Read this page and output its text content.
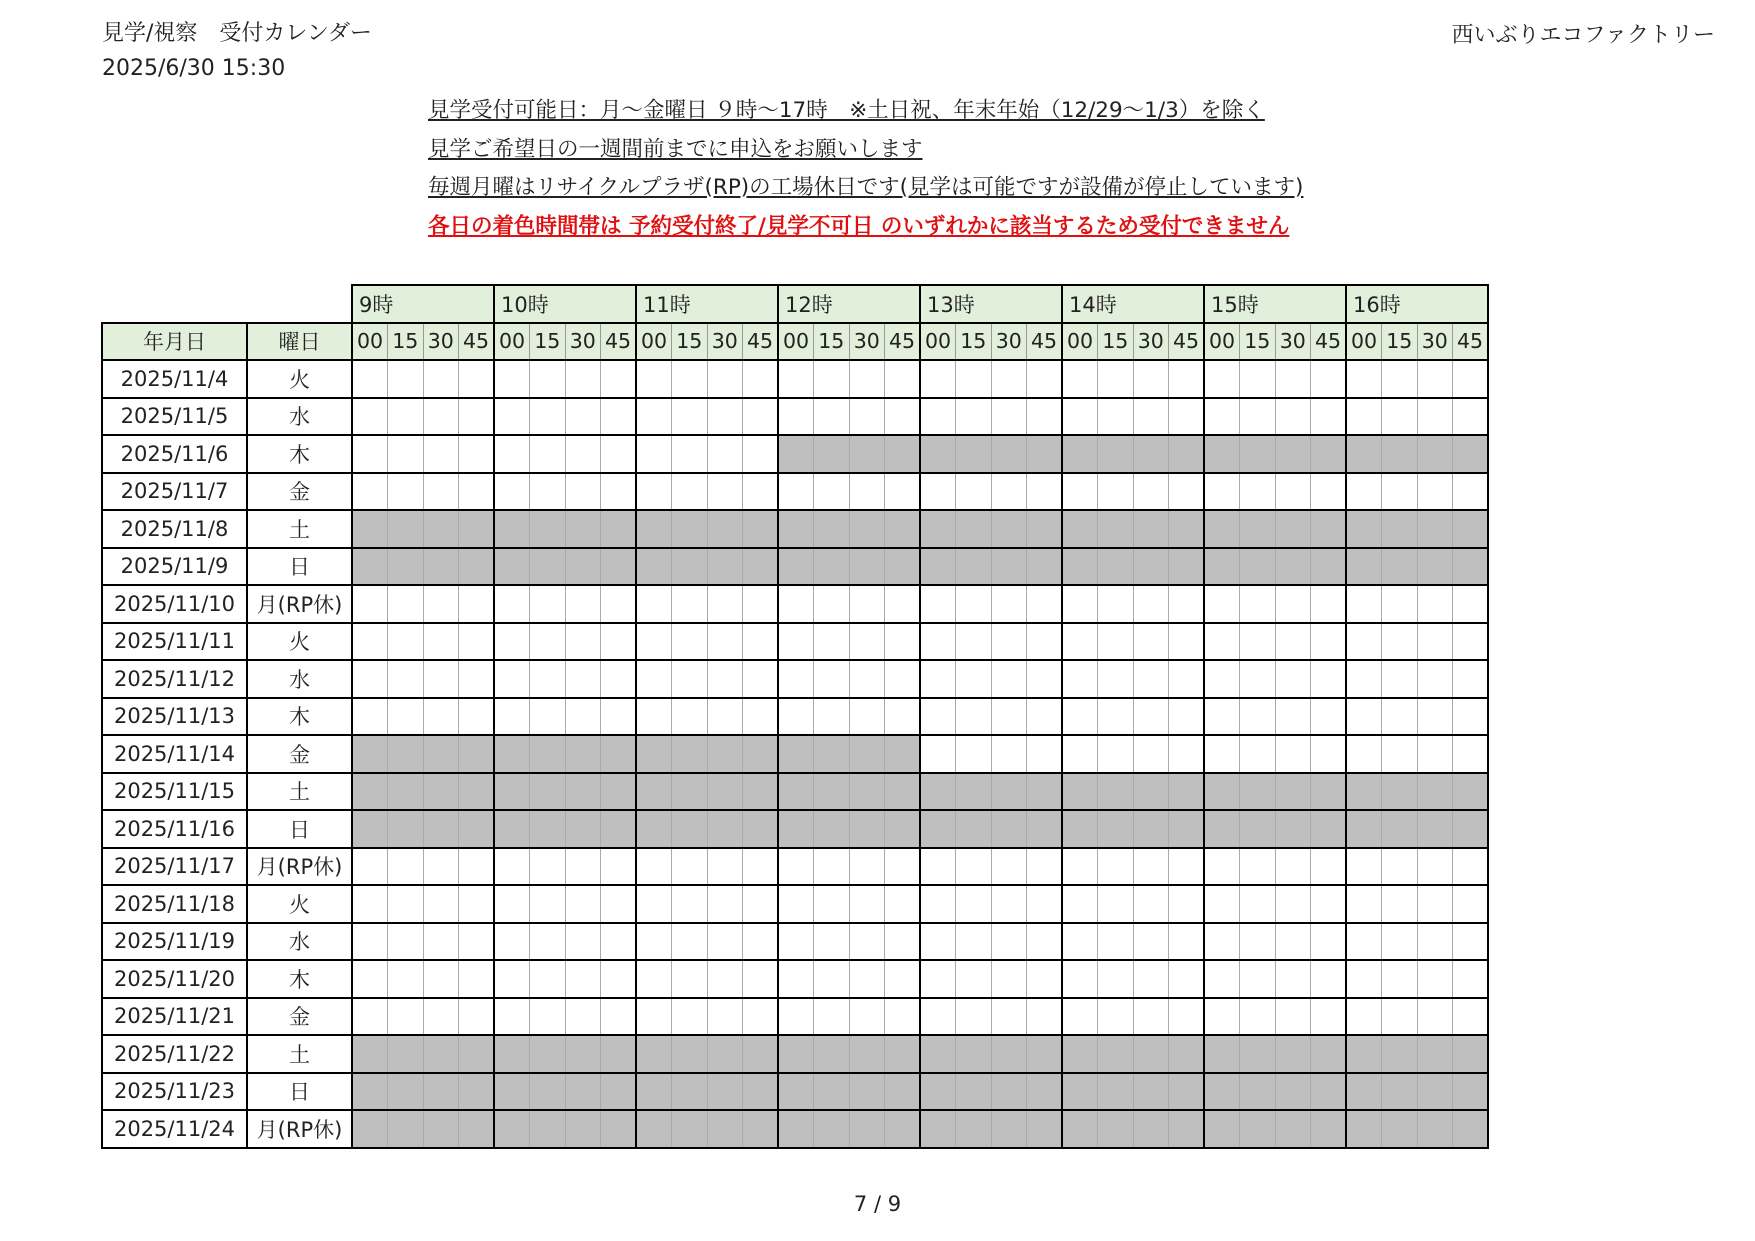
見学/視察　受付カレンダー
2025/6/30 15:30
西いぶりエコファクトリー
見学受付可能日：月～金曜日 ９時～17時　※土日祝、年末年始（12/29～1/3）を除く
見学ご希望日の一週間前までに申込をお願いします
毎週月曜はリサイクルプラザ(RP)の工場休日です(見学は可能ですが設備が停止しています)
各日の着色時間帯は 予約受付終了/見学不可日 のいずれかに該当するため受付できません
		9時				10時				11時				12時				13時				14時				15時				16時			
年月日	曜日	00	15	30	45	00	15	30	45	00	15	30	45	00	15	30	45	00	15	30	45	00	15	30	45	00	15	30	45	00	15	30	45
2025/11/4	火																																
2025/11/5	水																																
2025/11/6	木																																
2025/11/7	金																																
2025/11/8	土																																
2025/11/9	日																																
2025/11/10	月(RP休)																																
2025/11/11	火																																
2025/11/12	水																																
2025/11/13	木																																
2025/11/14	金																																
2025/11/15	土																																
2025/11/16	日																																
2025/11/17	月(RP休)																																
2025/11/18	火																																
2025/11/19	水																																
2025/11/20	木																																
2025/11/21	金																																
2025/11/22	土																																
2025/11/23	日																																
2025/11/24	月(RP休)																																
7 / 9
